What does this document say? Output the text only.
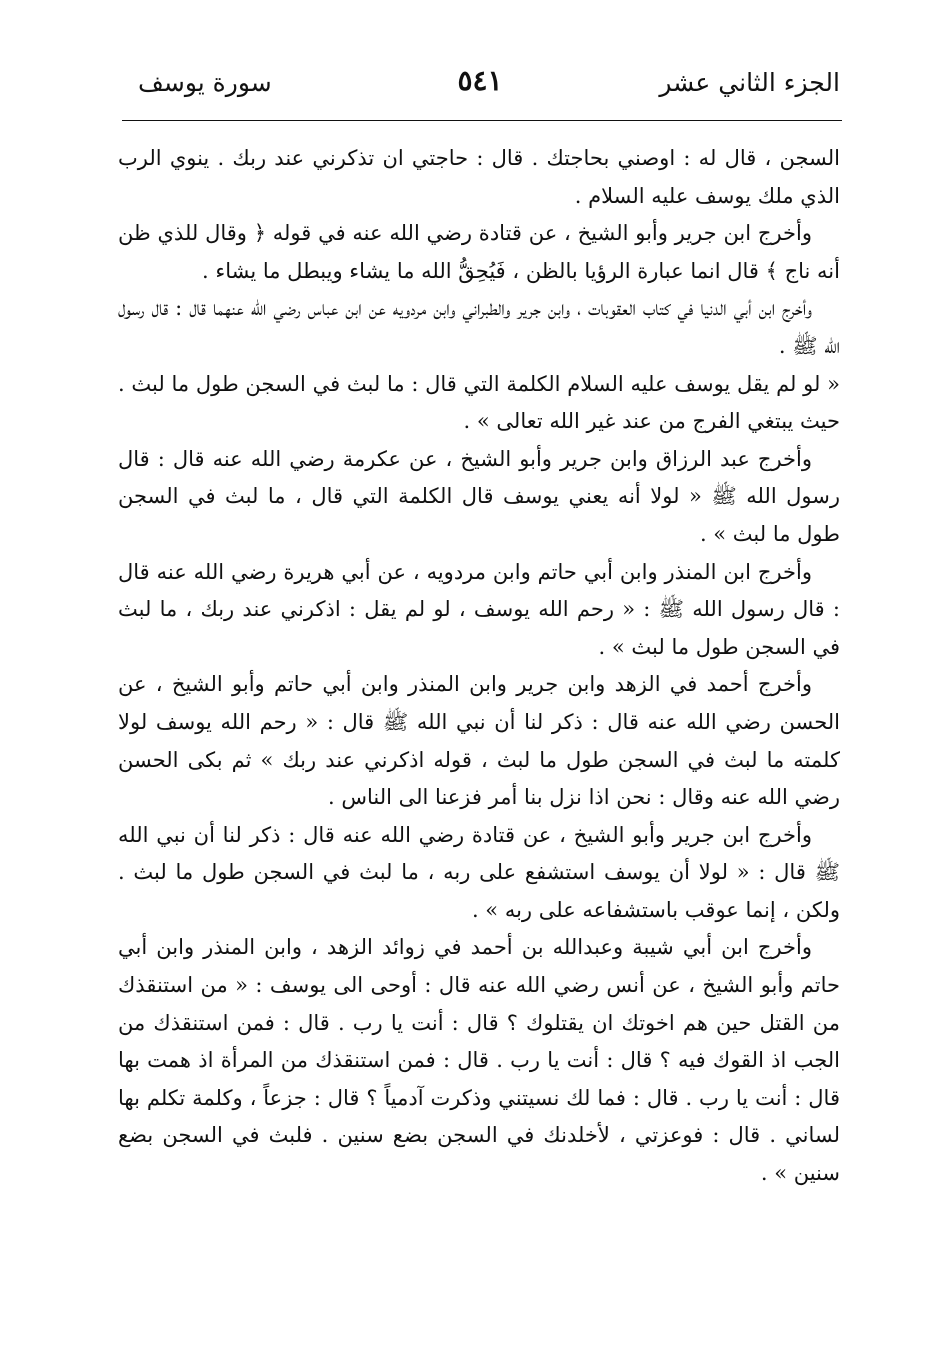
الجزء الثاني عشر
٥٤١
سورة يوسف

السجن ، قال له : اوصني بحاجتك . قال : حاجتي ان تذكرني عند ربك . ينوي الرب الذي ملك يوسف عليه السلام .

وأخرج ابن جرير وأبو الشيخ ، عن قتادة رضي الله عنه في قوله ﴿ وقال للذي ظن أنه ناج ﴾ قال انما عبارة الرؤيا بالظن ، فَيُحِقُّ الله ما يشاء ويبطل ما يشاء .

وأخرج ابن أبي الدنيا في كتاب العقوبات ، وابن جرير والطبراني وابن مردويه عن ابن عباس رضي الله عنهما قال : قال رسول الله ﷺ .

« لو لم يقل يوسف عليه السلام الكلمة التي قال : ما لبث في السجن طول ما لبث . حيث يبتغي الفرج من عند غير الله تعالى » .

وأخرج عبد الرزاق وابن جرير وأبو الشيخ ، عن عكرمة رضي الله عنه قال : قال رسول الله ﷺ « لولا أنه يعني يوسف قال الكلمة التي قال ، ما لبث في السجن طول ما لبث » .

وأخرج ابن المنذر وابن أبي حاتم وابن مردويه ، عن أبي هريرة رضي الله عنه قال : قال رسول الله ﷺ : « رحم الله يوسف ، لو لم يقل : اذكرني عند ربك ، ما لبث في السجن طول ما لبث » .

وأخرج أحمد في الزهد وابن جرير وابن المنذر وابن أبي حاتم وأبو الشيخ ، عن الحسن رضي الله عنه قال : ذكر لنا أن نبي الله ﷺ قال : « رحم الله يوسف لولا كلمته ما لبث في السجن طول ما لبث ، قوله اذكرني عند ربك » ثم بكى الحسن رضي الله عنه وقال : نحن اذا نزل بنا أمر فزعنا الى الناس .

وأخرج ابن جرير وأبو الشيخ ، عن قتادة رضي الله عنه قال : ذكر لنا أن نبي الله ﷺ قال : « لولا أن يوسف استشفع على ربه ، ما لبث في السجن طول ما لبث . ولكن ، إنما عوقب باستشفاعه على ربه » .

وأخرج ابن أبي شيبة وعبدالله بن أحمد في زوائد الزهد ، وابن المنذر وابن أبي حاتم وأبو الشيخ ، عن أنس رضي الله عنه قال : أوحى الى يوسف : « من استنقذك من القتل حين هم اخوتك ان يقتلوك ؟ قال : أنت يا رب . قال : فمن استنقذك من الجب اذ القوك فيه ؟ قال : أنت يا رب . قال : فمن استنقذك من المرأة اذ همت بها قال : أنت يا رب . قال : فما لك نسيتني وذكرت آدمياً ؟ قال : جزعاً ، وكلمة تكلم بها لساني . قال : فوعزتي ، لأخلدنك في السجن بضع سنين . فلبث في السجن بضع سنين » .
